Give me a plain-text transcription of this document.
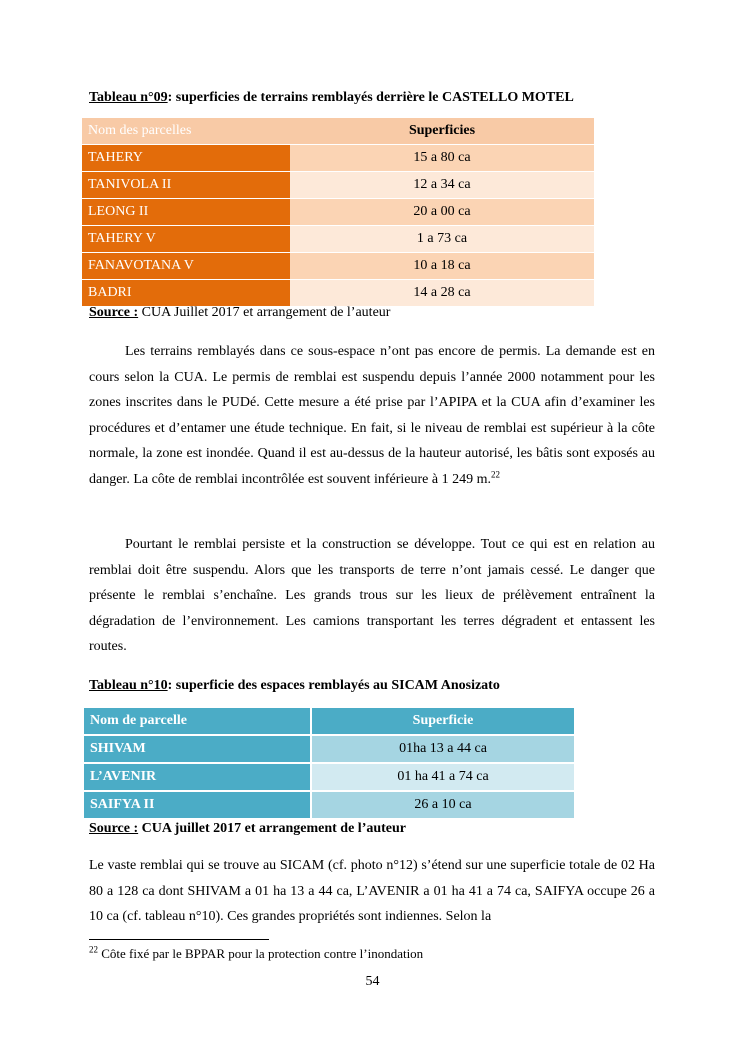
Tableau n°09: superficies de terrains remblayés derrière le CASTELLO MOTEL
Nom des parcelles	Superficies
TAHERY	15 a 80 ca
TANIVOLA II	12 a 34 ca
LEONG II	20 a 00 ca
TAHERY V	1 a 73 ca
FANAVOTANA V	10 a 18 ca
BADRI	14 a 28 ca
Source : CUA Juillet 2017 et arrangement de l’auteur
Les terrains remblayés dans ce sous-espace n’ont pas encore de permis. La demande est en cours selon la CUA. Le permis de remblai est suspendu depuis l’année 2000 notamment pour les zones inscrites dans le PUDé. Cette mesure a été prise par l’APIPA et la CUA afin d’examiner les procédures et d’entamer une étude technique. En fait, si le niveau de remblai est supérieur à la côte normale, la zone est inondée. Quand il est au-dessus de la hauteur autorisé, les bâtis sont exposés au danger. La côte de remblai incontrôlée est souvent inférieure à 1 249 m.$^{22}$
Pourtant le remblai persiste et la construction se développe. Tout ce qui est en relation au remblai doit être suspendu. Alors que les transports de terre n’ont jamais cessé. Le danger que présente le remblai s’enchaîne. Les grands trous sur les lieux de prélèvement entraînent la dégradation de l’environnement. Les camions transportant les terres dégradent et entassent les routes.
Tableau n°10: superficie des espaces remblayés au SICAM Anosizato
Nom de parcelle	Superficie
SHIVAM	01ha 13 a 44 ca
L’AVENIR	01 ha 41 a 74 ca
SAIFYA II	26 a 10 ca
Source : CUA juillet 2017 et arrangement de l’auteur
Le vaste remblai qui se trouve au SICAM (cf. photo n°12) s’étend sur une superficie totale de 02 Ha 80 a 128 ca dont SHIVAM a 01 ha 13 a 44 ca, L’AVENIR a 01 ha 41 a 74 ca, SAIFYA occupe 26 a 10 ca (cf. tableau n°10). Ces grandes propriétés sont indiennes. Selon la
$^{22}$ Côte fixé par le BPPAR pour la protection contre l’inondation
54
